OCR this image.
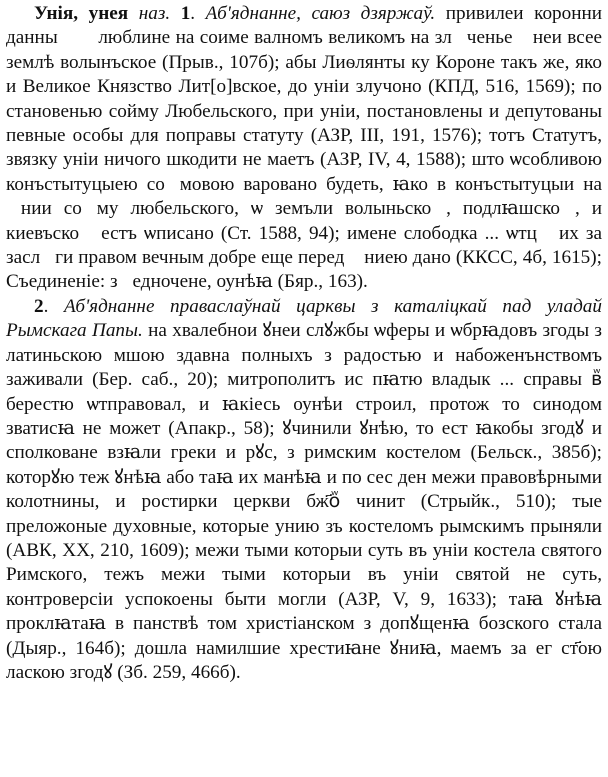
Унія, унея наз. 1. Аб'яднанне, саюз дзяржаў. привилеи коронни данныᷱ ꙋ люблине на соиме валномъ великомъ на злꙋченье ꙋнеи всее землѣ волынъское (Прыв., 107б); абы Лиѳлянты ку Короне такъ же, яко и Великое Князство Лит[о]вское, до уніи злучоно (КПД, 516, 1569); по становенью сойму Любельского, при уніи, постановлены и депутованы певные особы для поправы статуту (АЗР, III, 191, 1576); тотъ Статутъ, звязку уніи ничого шкодити не маетъ (АЗР, IV, 4, 1588); што ѡсобливою конъстытуцыею соᷱмовою варовано будеть, ꙗко в конъстытуцыи на ꙋнии соᷱму любельского, ѡ земъли волыньскоᷱ, подлꙗшскоᷱ, и киевъскоᷱ естъ ѡписано (Ст. 1588, 94); имене слободка ... ѡтцꙋ их за заслꙋги правом вечным добре еще перед ꙋниею дано (ККСС, 4б, 1615); Съединеніе: зᷱедночене, оунѣꙗ (Бяр., 163).

2. Аб'яднанне праваслаўнай царквы з каталіцкай пад уладай Рымскага Папы. на хвалебнои ꙋнеи слꙋжбы ѡферы и ѡбрꙗдовъ згоды з латиньскою мшою здавна полныхъ з радостью и набоженънствомъ заживали (Бер. саб., 20); митрополитъ ис пꙗтю владык ... справы вᷱ берестю ѡтправовал, и ꙗкіесь оунѣи строил, протож то синодом зватисꙗ не может (Апакр., 58); ꙋчинили ꙋнѣю, то ест ꙗкобы згодꙋ и сполковане взꙗли греки и рꙋс, з римским костелом (Бельск., 385б); которꙋю теж ꙋнѣꙗ або таꙗ их манѣꙗ и по сес ден межи правовѣрными колотнины, и ростирки церкви бж҃оᷱ чинит (Стрыйк., 510); тые преложоные духовные, которые унию зъ костеломъ рымскимъ прыняли (АВК, XX, 210, 1609); межи тыми которыи суть въ уніи костела святого Римского, тежъ межи тыми которыи въ уніи святой не суть, контроверсіи успокоены быти могли (АЗР, V, 9, 1633); таꙗ ꙋнѣꙗ проклꙗтаꙗ в панствѣ том христіанском з допꙋщенꙗ бозского стала (Дыяр., 164б); дошла намилшие хрестиꙗне ꙋниꙗ, маемъ за ег ст҃ою ласкою згодꙋ (Зб. 259, 466б).
